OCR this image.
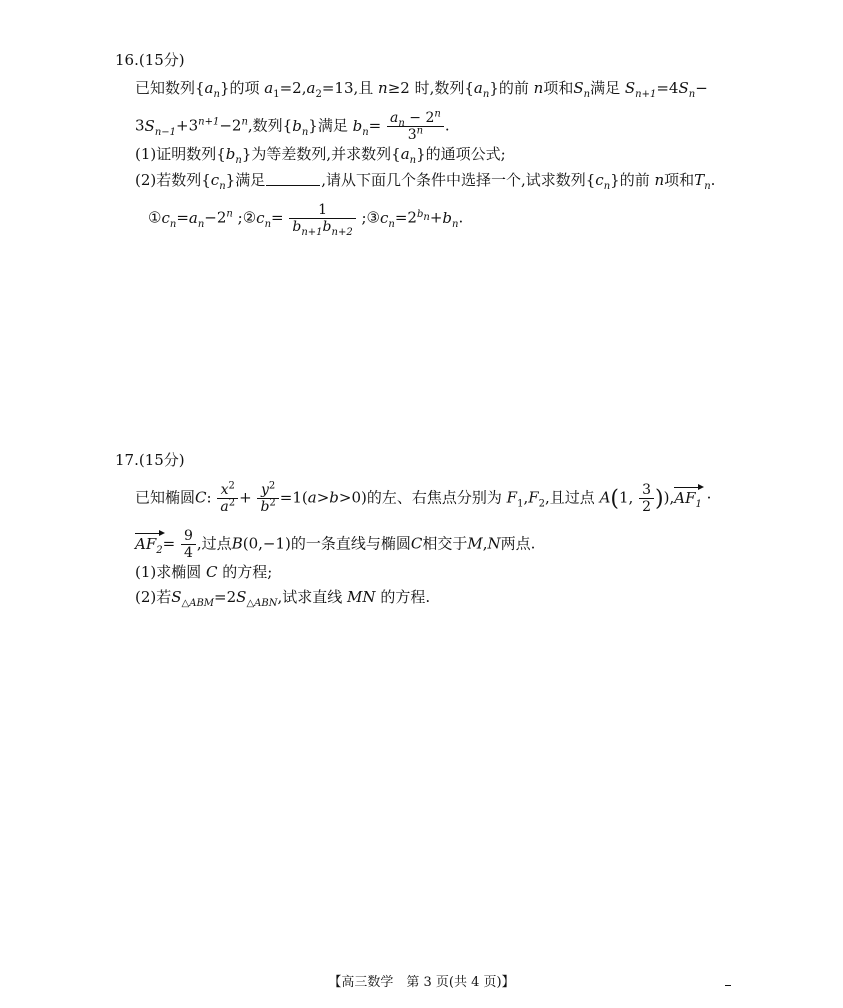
16.(15分)
已知数列$\{a_n\}$的项 $a_1=2,a_2=13$,且 n≥2 时,数列$\{a_n\}$的前 n项和$S_n$满足 $S_{n+1}=4S_n-$
$3S_{n-1}+3^{n+1}-2^n$,数列$\{b_n\}$满足 $b_n= \frac{a_n - 2^n}{3^n}$ .
(1)证明数列$\{b_n\}$为等差数列,并求数列$\{a_n\}$的通项公式;
(2)若数列$\{c_n\}$满足	,请从下面几个条件中选择一个,试求数列$\{c_n\}$的前 n项和$T_n$.
$①c_n=a_n-2^n$ $;②c_n= \frac{1}{b_{n+1}b_{n+2}}$ $;③c_n=2^{b_n}+b_n$.
17.(15分)
已知椭圆C: $\frac{x^2}{a^2} + \frac{y^2}{b^2} =1(a>b>0)$的左、右焦点分别为 $F_1,F_2$,且过点 A(1, $\frac{3}{2} )),AF_1$ ·
$AF_2= \frac{9}{4}$ ,过点B(0,−1)的一条直线与椭圆C相交于M,N两点.
(1)求椭圆 C 的方程;
(2)若$S_{\triangle ABM}=2S_{\triangle ABN}$,试求直线 MN 的方程.
【高三数学　第 3 页(共 4 页)】
